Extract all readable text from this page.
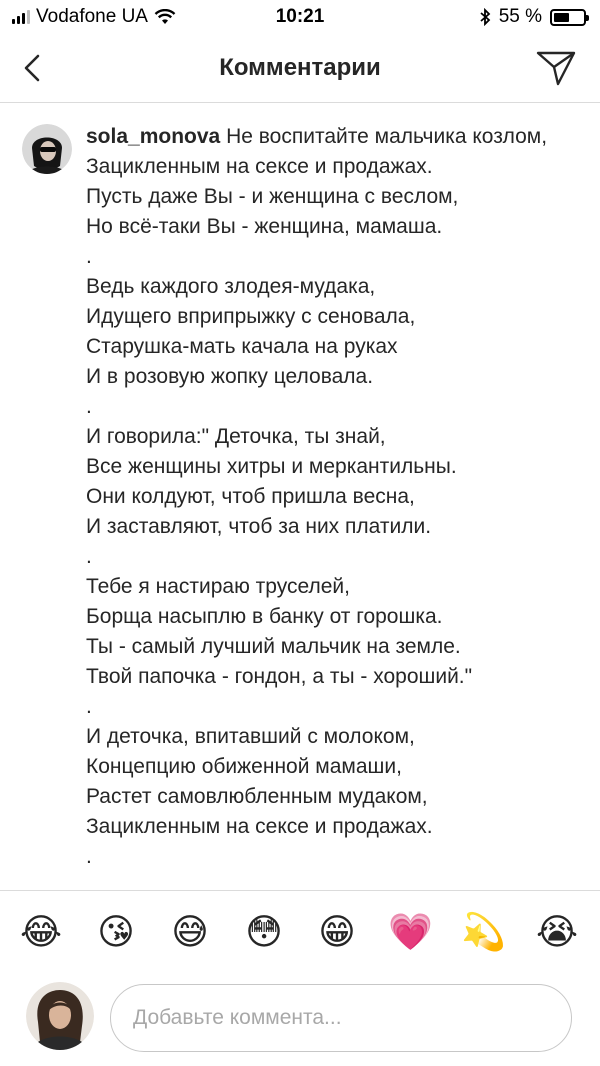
Vodafone UA	10:21	55 %
Комментарии

sola_monova Не воспитайте мальчика козлом,
Зацикленным на сексе и продажах.
Пусть даже Вы - и женщина с веслом,
Но всё-таки Вы - женщина, мамаша.
.
Ведь каждого злодея-мудака,
Идущего вприпрыжку с сеновала,
Старушка-мать качала на руках
И в розовую жопку целовала.
.
И говорила:" Деточка, ты знай,
Все женщины хитры и меркантильны.
Они колдуют, чтоб пришла весна,
И заставляют, чтоб за них платили.
.
Тебе я настираю труселей,
Борща насыплю в банку от горошка.
Ты - самый лучший мальчик на земле.
Твой папочка - гондон, а ты - хороший."
.
И деточка, впитавший с молоком,
Концепцию обиженной мамаши,
Растет самовлюбленным мудаком,
Зацикленным на сексе и продажах.
.

😂 😘 😅 😳 😁 💗 💫 😭
Добавьте коммента...
